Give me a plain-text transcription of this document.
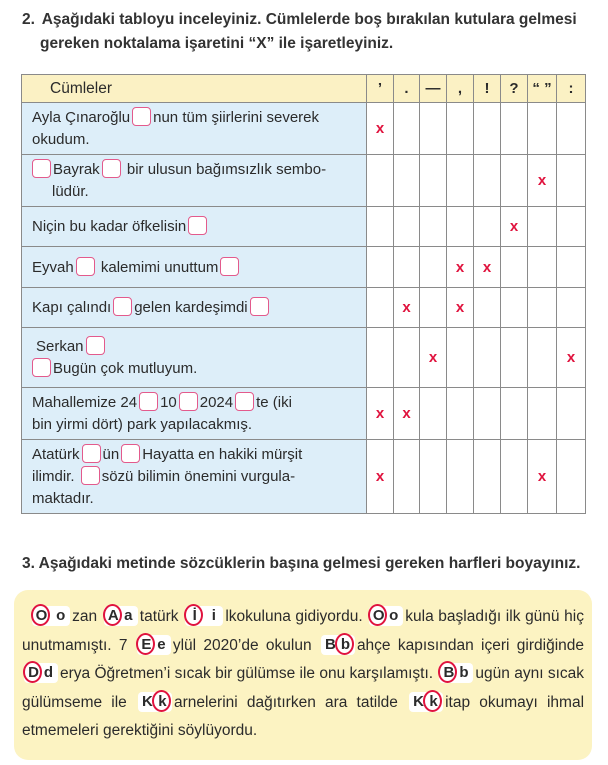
2. Aşağıdaki tabloyu inceleyiniz. Cümlelerde boş bırakılan kutulara gelmesi
gereken noktalama işaretini “X” ile işaretleyiniz.
Cümleler	’	.	—	,	!	?	“ ”	:
Ayla Çınaroğlu nun tüm şiirlerini severek
okudum.	x							
Bayrak bir ulusun bağımsızlık sembo-
lüdür.							x	
Niçin bu kadar öfkelisin						x		
Eyvah kalemimi unuttum				x	x			
Kapı çalındı gelen kardeşimdi		x		x				
Serkan
Bugün çok mutluyum.			x					x
Mahallemize 24 10 2024 te (iki
bin yirmi dört) park yapılacakmış.	x	x						
Atatürk ün Hayatta en hakiki mürşit
ilimdir. sözü bilimin önemini vurgula-
maktadır.	x						x	
3. Aşağıdaki metinde sözcüklerin başına gelmesi gereken harfleri boyayınız.

O o zan A a tatürk İ i lkokuluna gidiyordu. O o kula başladığı ilk günü hiç unutmamıştı. 7 E e ylül 2020’de okulun B b ahçe kapısından içeri girdiğinde D d erya Öğretmen’i sıcak bir gülümse ile onu karşılamıştı. B b ugün aynı sıcak gülümseme ile K k arnelerini dağıtırken ara tatilde K k itap okumayı ihmal etmemeleri gerektiğini söylüyordu.
